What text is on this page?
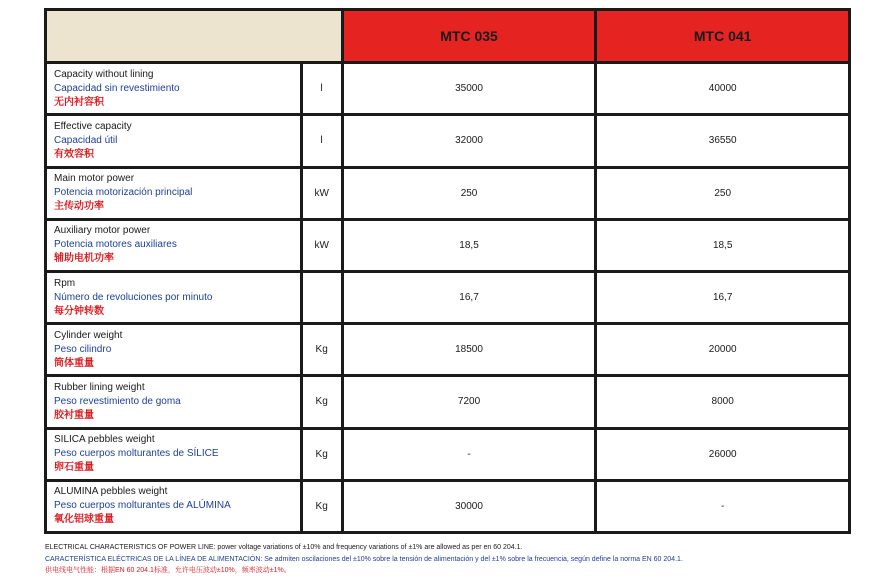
		MTC 035	MTC 041

Capacity without lining
Capacidad sin revestimiento
无内衬容积	l	35000	40000

Effective capacity
Capacidad útil
有效容积	l	32000	36550

Main motor power
Potencia motorización principal
主传动功率	kW	250	250

Auxiliary motor power
Potencia motores auxiliares
辅助电机功率	kW	18,5	18,5

Rpm
Número de revoluciones por minuto
每分钟转数		16,7	16,7

Cylinder weight
Peso cilindro
筒体重量	Kg	18500	20000

Rubber lining weight
Peso revestimiento de goma
胶衬重量	Kg	7200	8000

SILICA pebbles weight
Peso cuerpos molturantes de SÍLICE
卵石重量	Kg	-	26000

ALUMINA pebbles weight
Peso cuerpos molturantes de ALÚMINA
氧化铝球重量	Kg	30000	-
ELECTRICAL CHARACTERISTICS OF POWER LINE: power voltage variations of ±10% and frequency variations of ±1% are allowed as per en 60 204.1.
CARACTERÍSTICA ELÉCTRICAS DE LA LÍNEA DE ALIMENTACIÓN: Se admiten oscilaciones del ±10% sobre la tensión de alimentación y del ±1% sobre la frecuencia, según define la norma EN 60 204.1.
供电线电气性能：根据EN 60 204.1标准，允许电压波动±10%，频率波动±1%。
